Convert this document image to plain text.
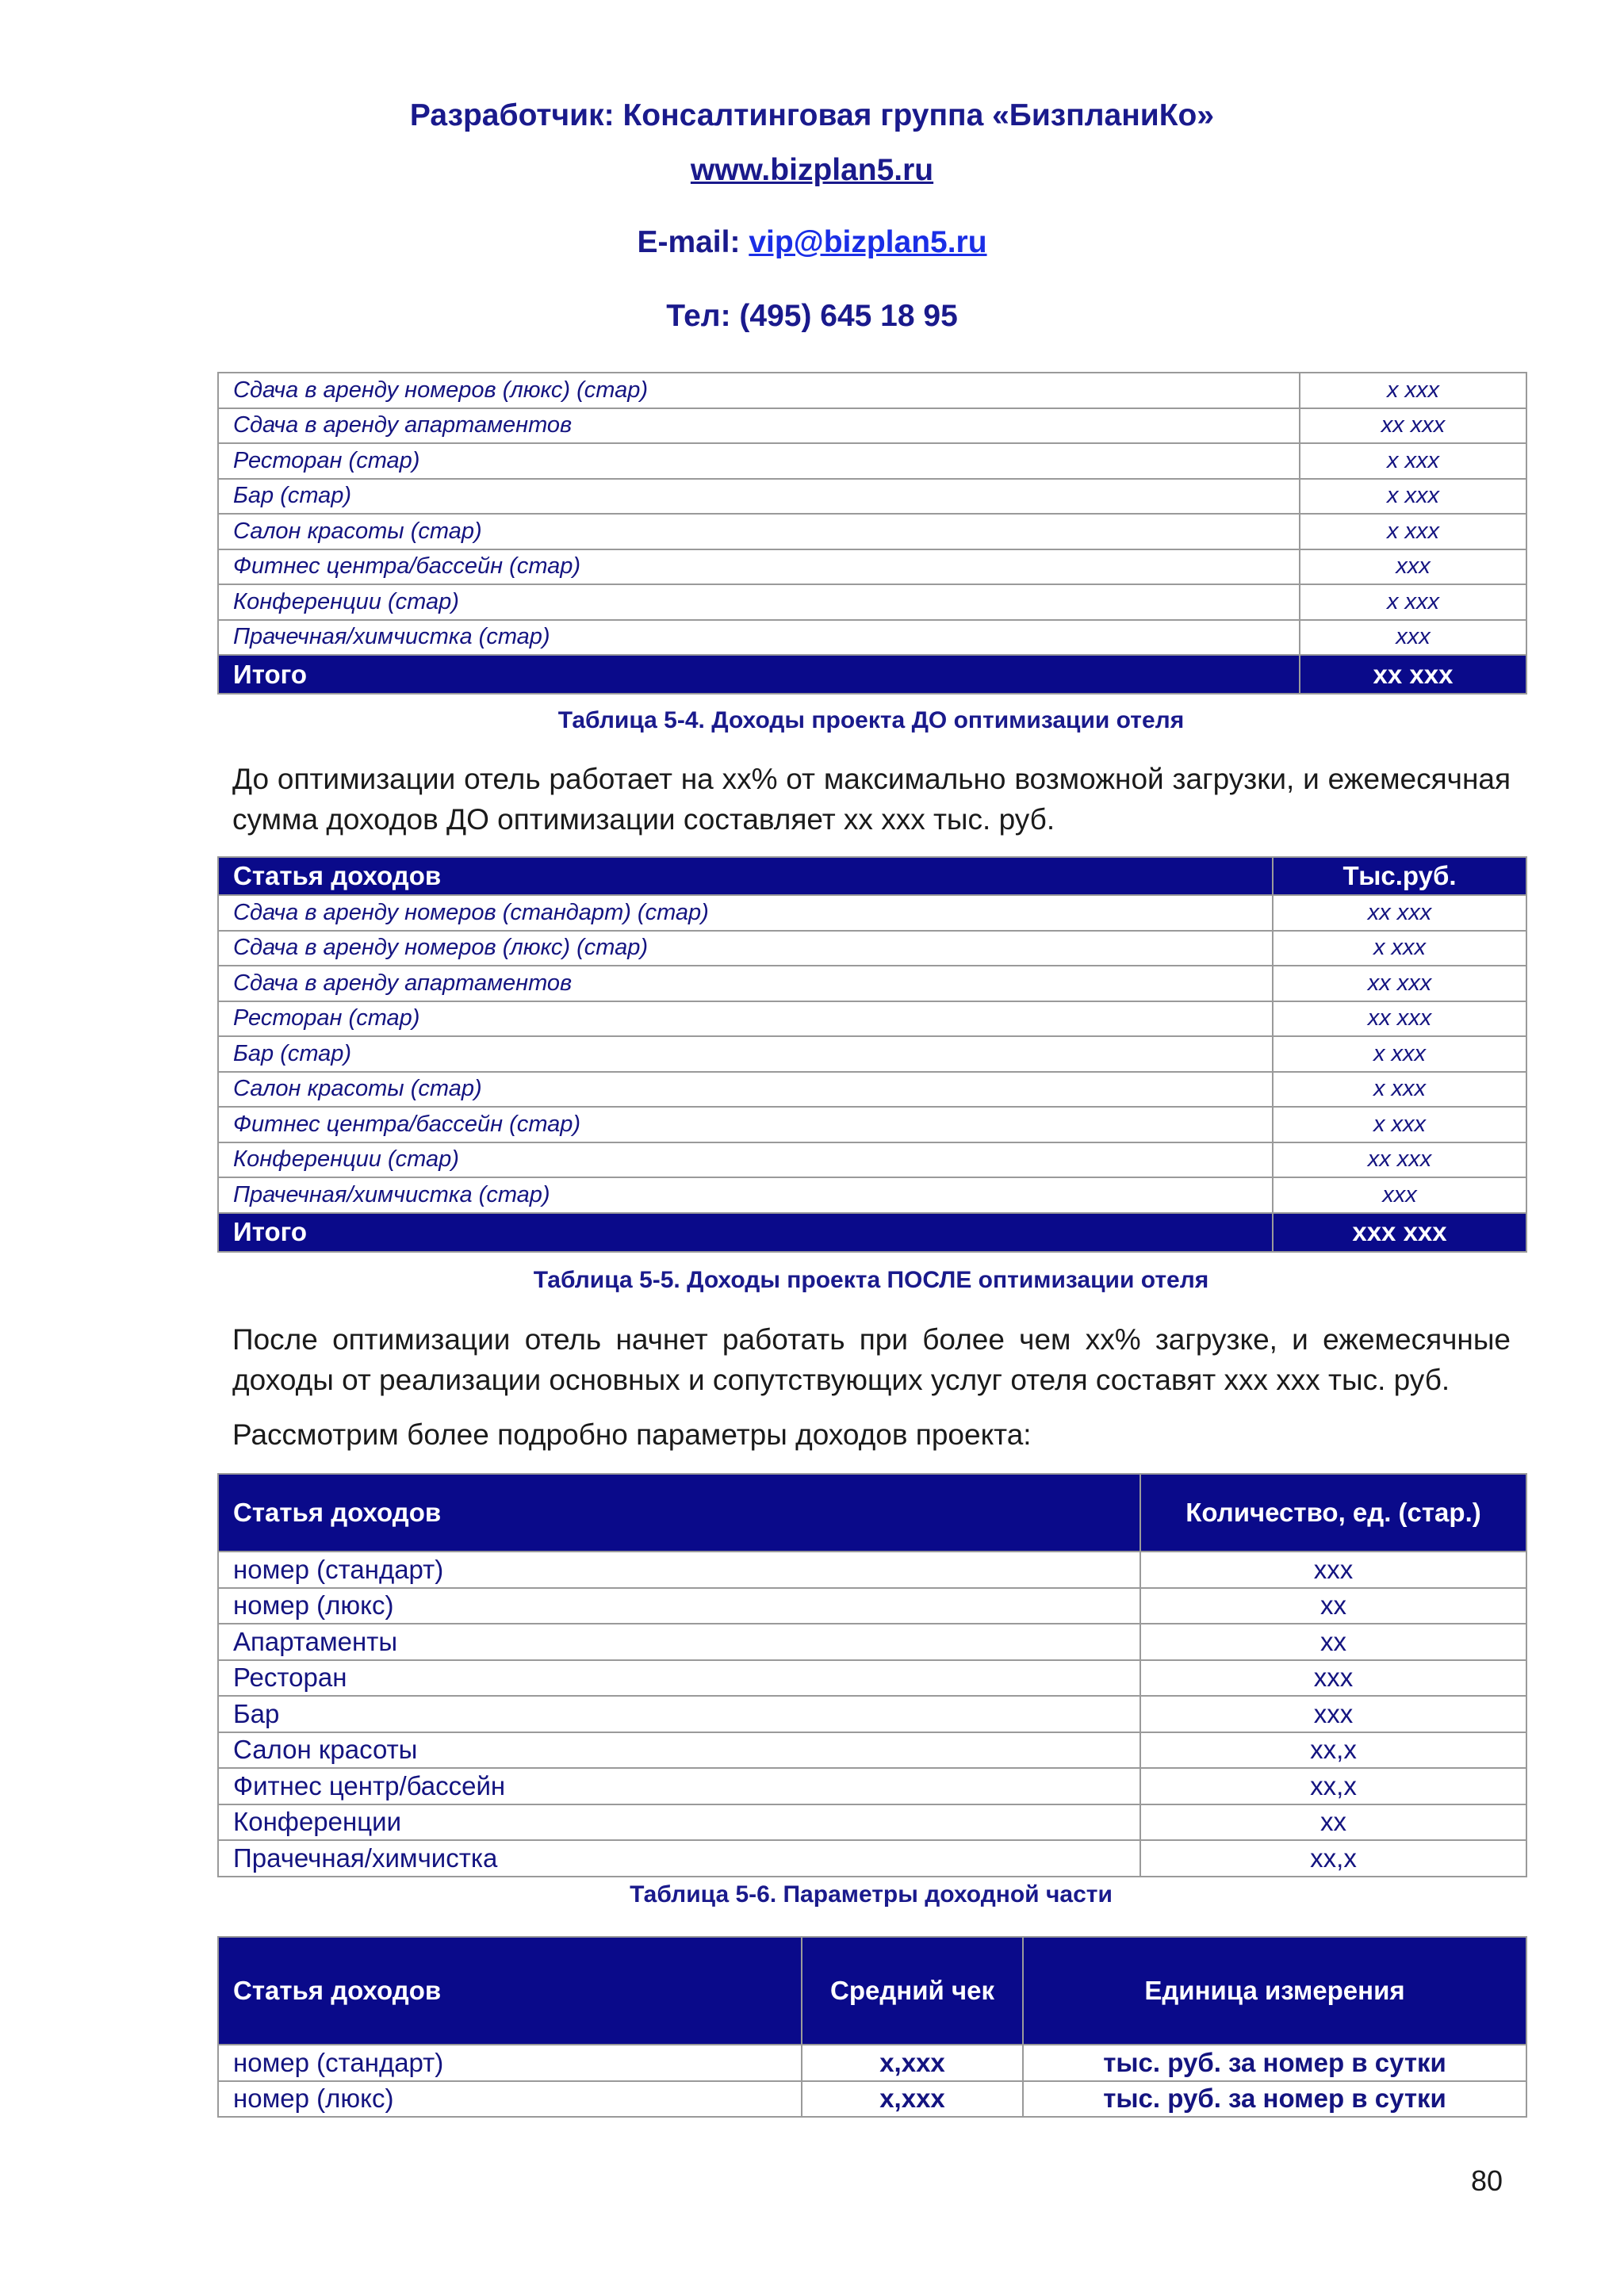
Разработчик: Консалтинговая группа «БизпланиКо»
www.bizplan5.ru
E-mail: vip@bizplan5.ru
Тел: (495) 645 18 95
Сдача в аренду номеров (люкс) (стар)	x xxx
Сдача в аренду апартаментов	xx xxx
Ресторан (стар)	x xxx
Бар (стар)	x xxx
Салон красоты (стар)	x xxx
Фитнес центра/бассейн (стар)	xxx
Конференции (стар)	x xxx
Прачечная/химчистка (стар)	xxx
Итого	xx xxx
Таблица 5-4. Доходы проекта ДО оптимизации отеля
До оптимизации отель работает на xx% от максимально возможной загрузки, и ежемесячная сумма доходов ДО оптимизации составляет xx xxx тыс. руб.
Статья доходов	Тыс.руб.
Сдача в аренду номеров (стандарт) (стар)	xx xxx
Сдача в аренду номеров (люкс) (стар)	x xxx
Сдача в аренду апартаментов	xx xxx
Ресторан (стар)	xx xxx
Бар (стар)	x xxx
Салон красоты (стар)	x xxx
Фитнес центра/бассейн (стар)	x xxx
Конференции (стар)	xx xxx
Прачечная/химчистка (стар)	xxx
Итого	xxx xxx
Таблица 5-5. Доходы проекта ПОСЛЕ оптимизации отеля
После оптимизации отель начнет работать при более чем xx% загрузке, и ежемесячные доходы от реализации основных и сопутствующих услуг отеля составят xxx xxx тыс. руб.
Рассмотрим более подробно параметры доходов проекта:
Статья доходов	Количество, ед. (стар.)
номер (стандарт)	xxx
номер (люкс)	xx
Апартаменты	xx
Ресторан	xxx
Бар	xxx
Салон красоты	xx,x
Фитнес центр/бассейн	xx,x
Конференции	xx
Прачечная/химчистка	xx,x
Таблица 5-6. Параметры доходной части
Статья доходов	Средний чек	Единица измерения
номер (стандарт)	x,xxx	тыс. руб. за номер в сутки
номер (люкс)	x,xxx	тыс. руб. за номер в сутки
80
